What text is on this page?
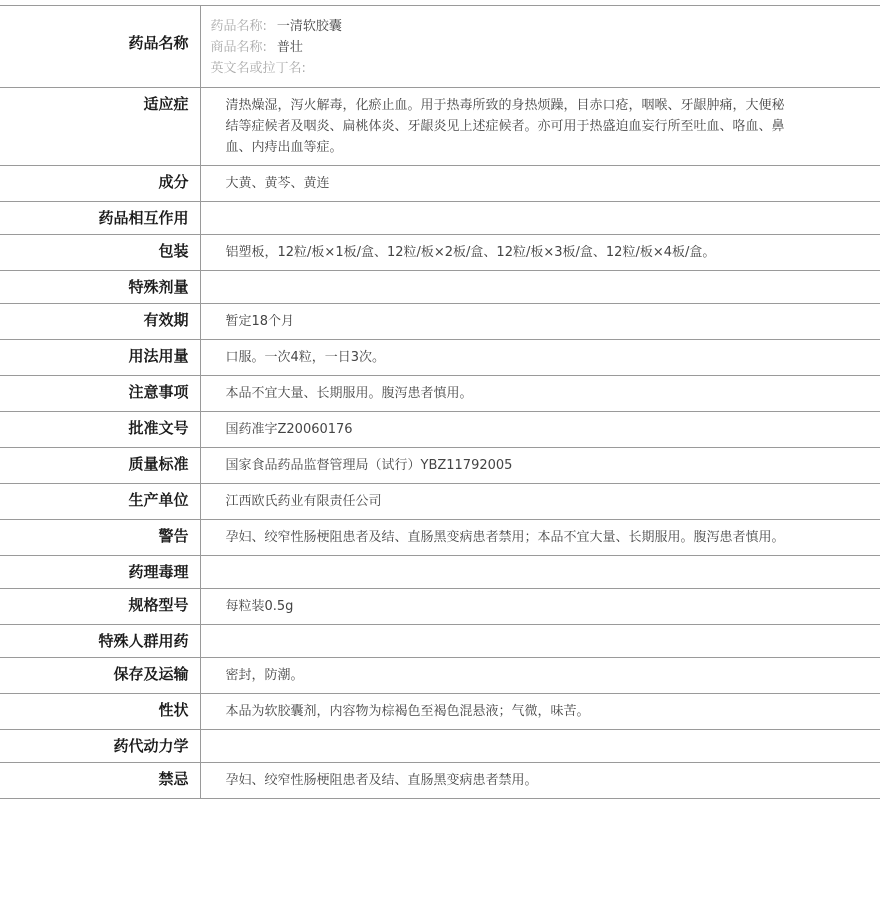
药品名称	药品名称: 一清软胶囊
商品名称: 普壮
英文名或拉丁名:

适应症	清热燥湿，泻火解毒，化瘀止血。用于热毒所致的身热烦躁，目赤口疮，咽喉、牙龈肿痛，大便秘结等症候者及咽炎、扁桃体炎、牙龈炎见上述症候者。亦可用于热盛迫血妄行所至吐血、咯血、鼻血、内痔出血等症。
成分	大黄、黄芩、黄连
药品相互作用	
包装	铝塑板，12粒/板×1板/盒、12粒/板×2板/盒、12粒/板×3板/盒、12粒/板×4板/盒。
特殊剂量	
有效期	暂定18个月
用法用量	口服。一次4粒，一日3次。
注意事项	本品不宜大量、长期服用。腹泻患者慎用。
批准文号	国药准字Z20060176
质量标准	国家食品药品监督管理局（试行）YBZ11792005
生产单位	江西欧氏药业有限责任公司
警告	孕妇、绞窄性肠梗阻患者及结、直肠黑变病患者禁用；本品不宜大量、长期服用。腹泻患者慎用。
药理毒理	
规格型号	每粒装0.5g
特殊人群用药	
保存及运输	密封，防潮。
性状	本品为软胶囊剂，内容物为棕褐色至褐色混悬液；气微，味苦。
药代动力学	
禁忌	孕妇、绞窄性肠梗阻患者及结、直肠黑变病患者禁用。
